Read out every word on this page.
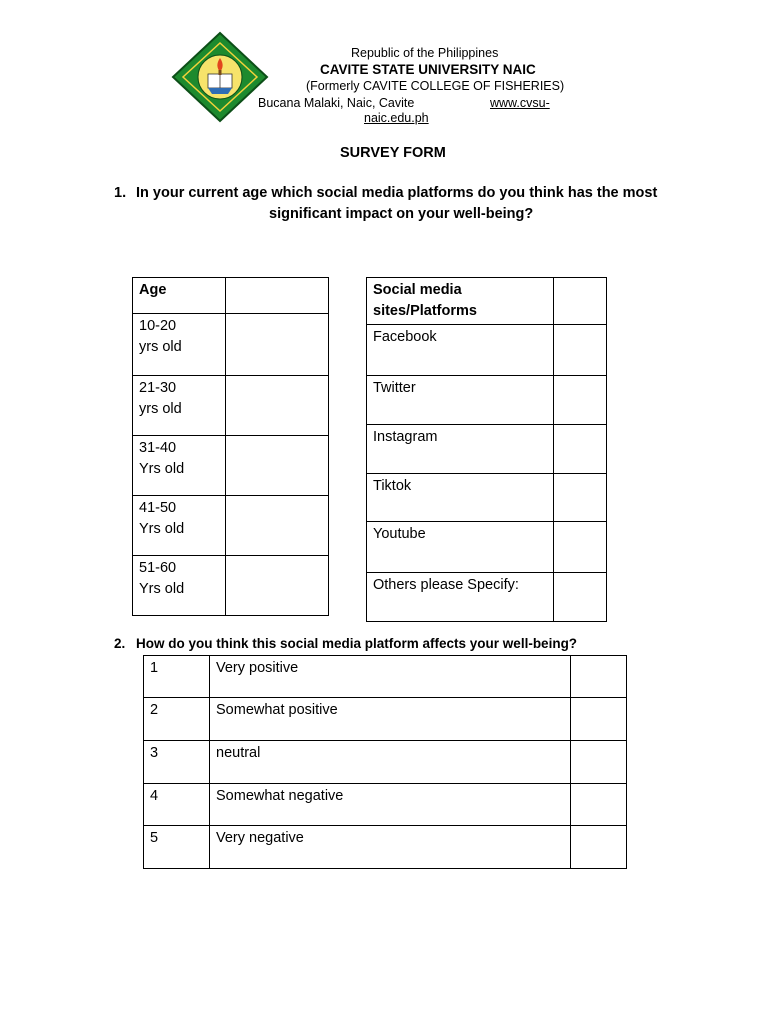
Republic of the Philippines
CAVITE STATE UNIVERSITY NAIC
(Formerly CAVITE COLLEGE OF FISHERIES)
Bucana Malaki, Naic, Cavite	www.cvsu-
naic.edu.ph
SURVEY FORM
1. In your current age which social media platforms do you think has the most
significant impact on your well-being?
Age	
10-20
yrs old	
21-30
yrs old	
31-40
Yrs old	
41-50
Yrs old	
51-60
Yrs old	
Social media
sites/Platforms	
Facebook	
Twitter	
Instagram	
Tiktok	
Youtube	
Others please Specify:	
2. How do you think this social media platform affects your well-being?
1	Very positive	
2	Somewhat positive	
3	neutral	
4	Somewhat negative	
5	Very negative	
